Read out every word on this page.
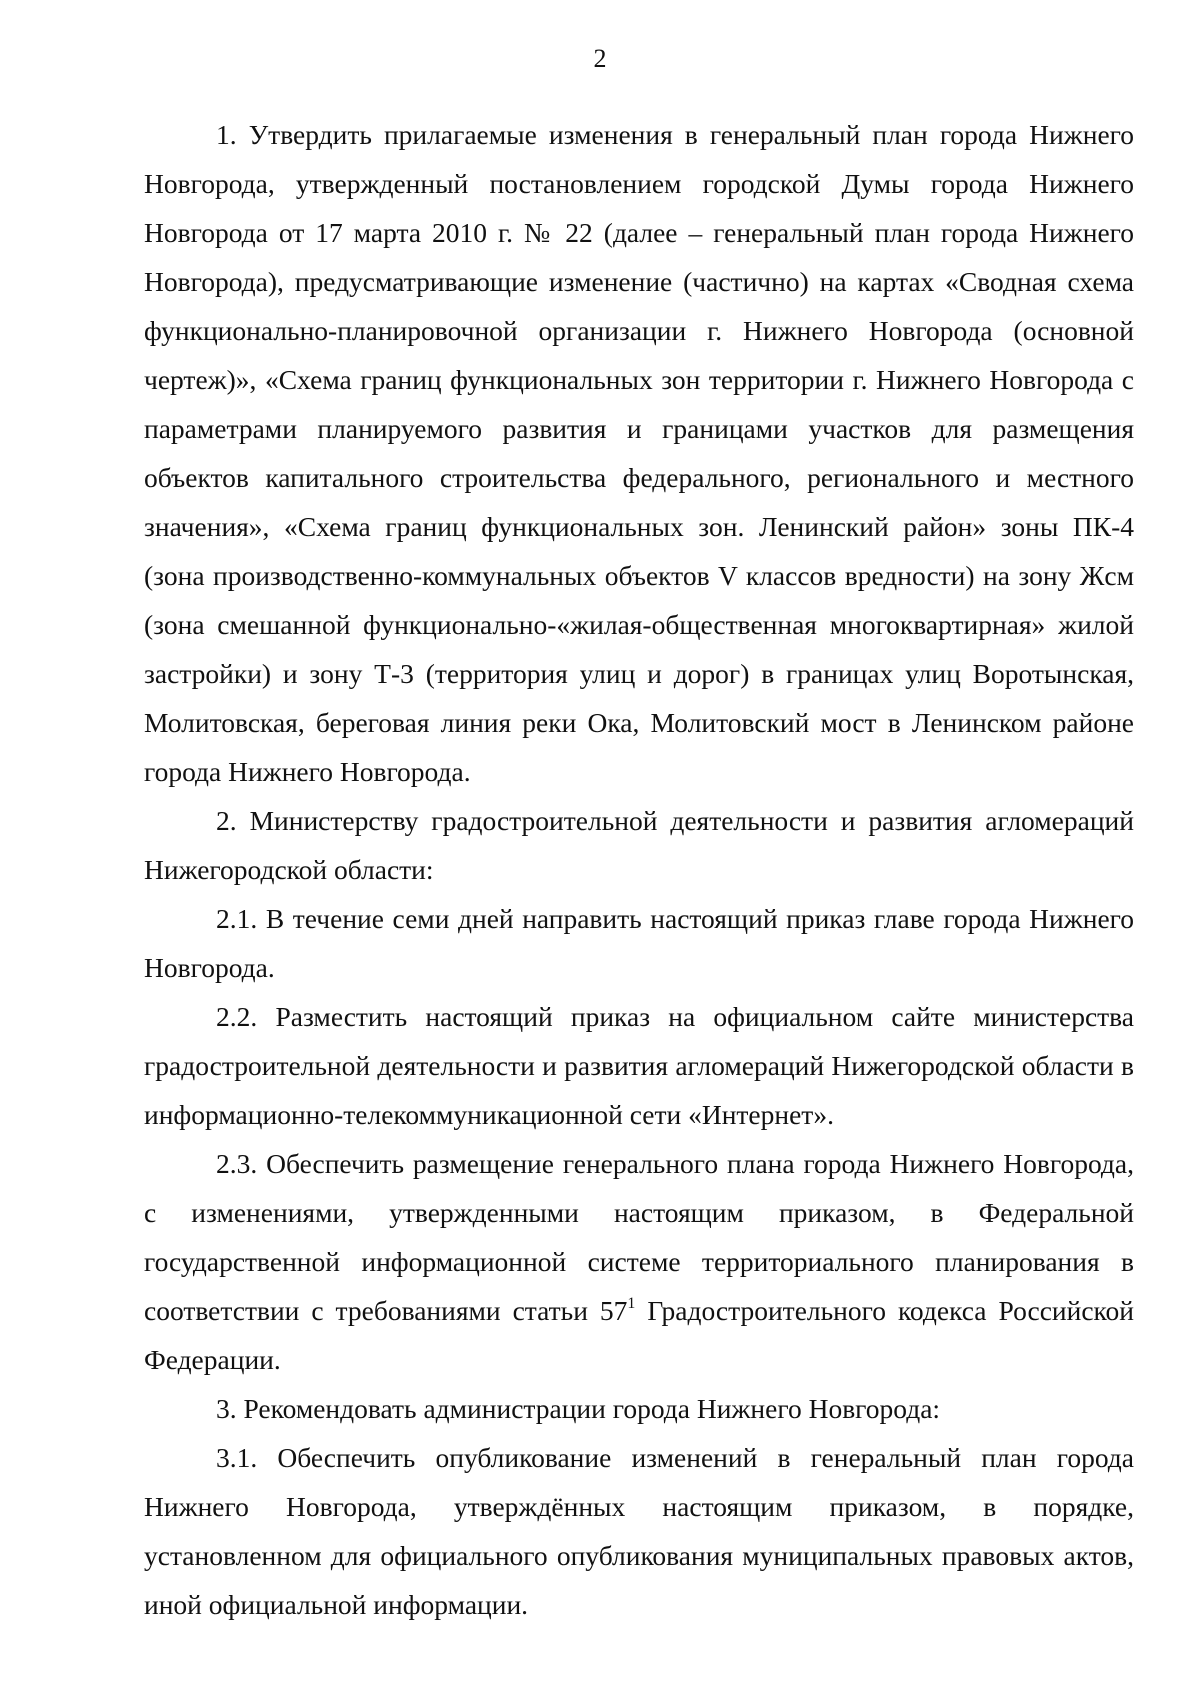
2

1. Утвердить прилагаемые изменения в генеральный план города Нижнего Новгорода, утвержденный постановлением городской Думы города Нижнего Новгорода от 17 марта 2010 г. № 22 (далее – генеральный план города Нижнего Новгорода), предусматривающие изменение (частично) на картах «Сводная схема функционально-планировочной организации г. Нижнего Новгорода (основной чертеж)», «Схема границ функциональных зон территории г. Нижнего Новгорода с параметрами планируемого развития и границами участков для размещения объектов капитального строительства федерального, регионального и местного значения», «Схема границ функциональных зон. Ленинский район» зоны ПК-4 (зона производственно-коммунальных объектов V классов вредности) на зону Жсм (зона смешанной функционально-«жилая-общественная многоквартирная» жилой застройки) и зону Т-3 (территория улиц и дорог) в границах улиц Воротынская, Молитовская, береговая линия реки Ока, Молитовский мост в Ленинском районе города Нижнего Новгорода.

2. Министерству градостроительной деятельности и развития агломераций Нижегородской области:

2.1. В течение семи дней направить настоящий приказ главе города Нижнего Новгорода.

2.2. Разместить настоящий приказ на официальном сайте министерства градостроительной деятельности и развития агломераций Нижегородской области в информационно-телекоммуникационной сети «Интернет».

2.3. Обеспечить размещение генерального плана города Нижнего Новгорода, с изменениями, утвержденными настоящим приказом, в Федеральной государственной информационной системе территориального планирования в соответствии с требованиями статьи $57^1$ Градостроительного кодекса Российской Федерации.

3. Рекомендовать администрации города Нижнего Новгорода:

3.1. Обеспечить опубликование изменений в генеральный план города Нижнего Новгорода, утверждённых настоящим приказом, в порядке, установленном для официального опубликования муниципальных правовых актов, иной официальной информации.
